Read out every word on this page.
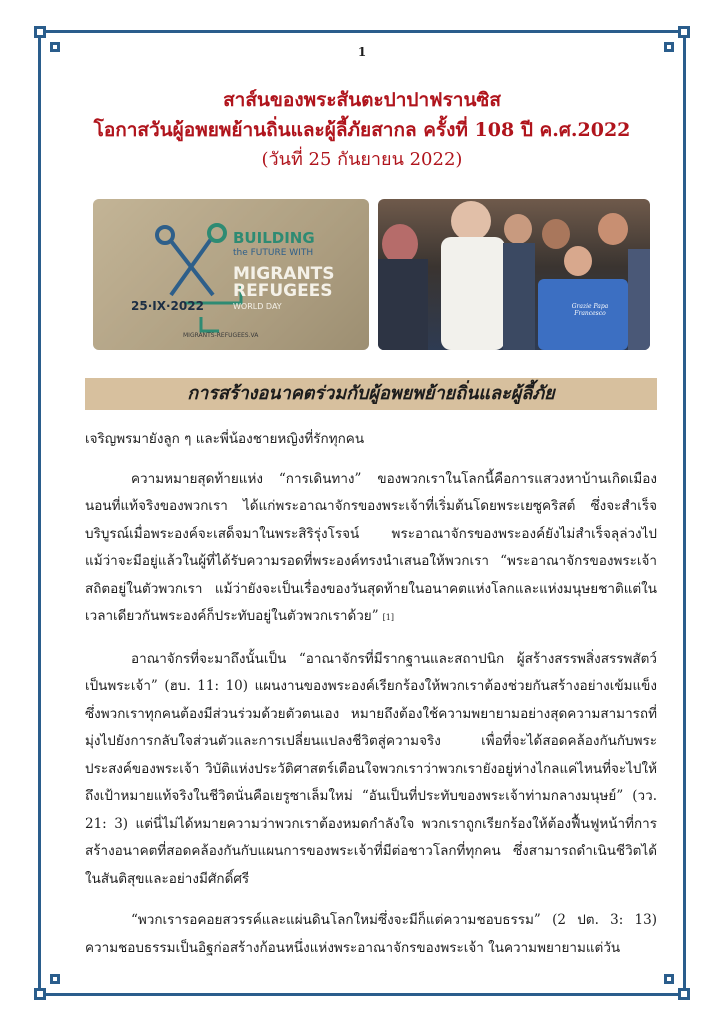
1
สาส์นของพระสันตะปาปาฟรานซิส
โอกาสวันผู้อพยพย้านถิ่นและผู้ลี้ภัยสากล ครั้งที่ 108 ปี ค.ศ.2022
(วันที่ 25 กันยายน 2022)
BUILDING
the FUTURE WITH
MIGRANTS
REFUGEES
WORLD DAY
25·IX·2022
MIGRANTS-REFUGEES.VA
Grazie Papa Francesco
การสร้างอนาคตร่วมกับผู้อพยพย้ายถิ่นและผู้ลี้ภัย

เจริญพรมายังลูก ๆ และพี่น้องชายหญิงที่รักทุกคน

ความหมายสุดท้ายแห่ง “การเดินทาง” ของพวกเราในโลกนี้คือการแสวงหาบ้านเกิดเมืองนอนที่แท้จริงของพวกเรา ได้แก่พระอาณาจักรของพระเจ้าที่เริ่มต้นโดยพระเยซูคริสต์ ซึ่งจะสำเร็จบริบูรณ์เมื่อพระองค์จะเสด็จมาในพระสิริรุ่งโรจน์ พระอาณาจักรของพระองค์ยังไม่สำเร็จลุล่วงไปแม้ว่าจะมีอยู่แล้วในผู้ที่ได้รับความรอดที่พระองค์ทรงนำเสนอให้พวกเรา “พระอาณาจักรของพระเจ้าสถิตอยู่ในตัวพวกเรา แม้ว่ายังจะเป็นเรื่องของวันสุดท้ายในอนาคตแห่งโลกและแห่งมนุษยชาติแต่ในเวลาเดียวกันพระองค์ก็ประทับอยู่ในตัวพวกเราด้วย” [1]

อาณาจักรที่จะมาถึงนั้นเป็น “อาณาจักรที่มีรากฐานและสถาปนิก ผู้สร้างสรรพสิ่งสรรพสัตว์เป็นพระเจ้า” (ฮบ. 11: 10) แผนงานของพระองค์เรียกร้องให้พวกเราต้องช่วยกันสร้างอย่างเข้มแข็ง ซึ่งพวกเราทุกคนต้องมีส่วนร่วมด้วยตัวตนเอง หมายถึงต้องใช้ความพยายามอย่างสุดความสามารถที่มุ่งไปยังการกลับใจส่วนตัวและการเปลี่ยนแปลงชีวิตสู่ความจริง เพื่อที่จะได้สอดคล้องกันกับพระประสงค์ของพระเจ้า วิบัติแห่งประวัติศาสตร์เตือนใจพวกเราว่าพวกเรายังอยู่ห่างไกลแค่ไหนที่จะไปให้ถึงเป้าหมายแท้จริงในชีวิตนั่นคือเยรูซาเล็มใหม่ “อันเป็นที่ประทับของพระเจ้าท่ามกลางมนุษย์” (วว. 21: 3) แต่นี่ไม่ได้หมายความว่าพวกเราต้องหมดกำลังใจ พวกเราถูกเรียกร้องให้ต้องฟื้นฟูหน้าที่การสร้างอนาคตที่สอดคล้องกันกับแผนการของพระเจ้าที่มีต่อชาวโลกที่ทุกคน ซึ่งสามารถดำเนินชีวิตได้ในสันติสุขและอย่างมีศักดิ์ศรี

“พวกเรารอคอยสวรรค์และแผ่นดินโลกใหม่ซึ่งจะมีก็แต่ความชอบธรรม” (2 ปต. 3: 13) ความชอบธรรมเป็นอิฐก่อสร้างก้อนหนึ่งแห่งพระอาณาจักรของพระเจ้า ในความพยายามแต่วัน
